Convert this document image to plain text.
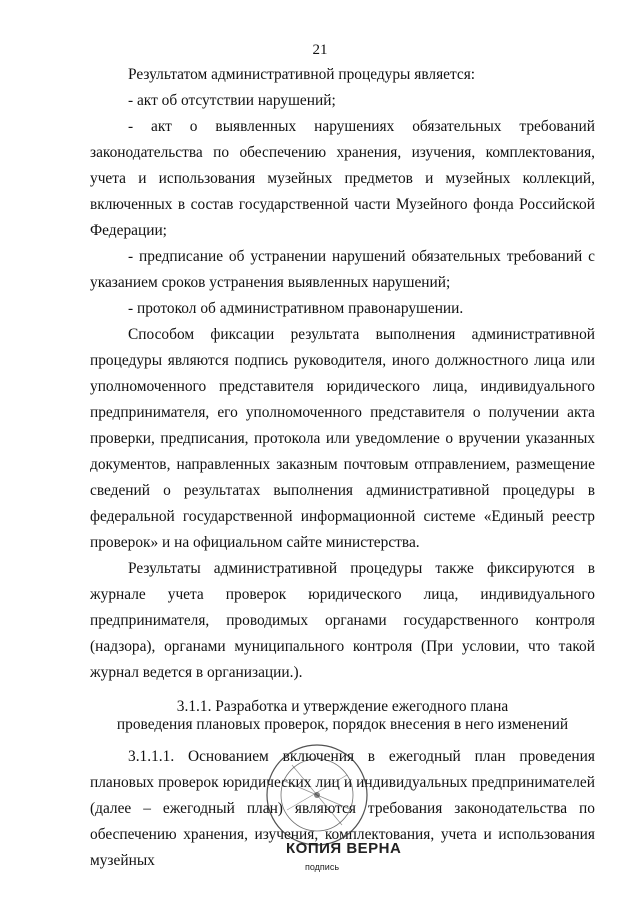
21

Результатом административной процедуры является:

- акт об отсутствии нарушений;

- акт о выявленных нарушениях обязательных требований законодательства по обеспечению хранения, изучения, комплектования, учета и использования музейных предметов и музейных коллекций, включенных в состав государственной части Музейного фонда Российской Федерации;

- предписание об устранении нарушений обязательных требований с указанием сроков устранения выявленных нарушений;

- протокол об административном правонарушении.

Способом фиксации результата выполнения административной процедуры являются подпись руководителя, иного должностного лица или уполномоченного представителя юридического лица, индивидуального предпринимателя, его уполномоченного представителя о получении акта проверки, предписания, протокола или уведомление о вручении указанных документов, направленных заказным почтовым отправлением, размещение сведений о результатах выполнения административной процедуры в федеральной государственной информационной системе «Единый реестр проверок» и на официальном сайте министерства.

Результаты административной процедуры также фиксируются в журнале учета проверок юридического лица, индивидуального предпринимателя, проводимых органами государственного контроля (надзора), органами муниципального контроля (При условии, что такой журнал ведется в организации.).

3.1.1. Разработка и утверждение ежегодного плана
проведения плановых проверок, порядок внесения в него изменений

3.1.1.1. Основанием включения в ежегодный план проведения плановых проверок юридических лиц и индивидуальных предпринимателей (далее – ежегодный план) являются требования законодательства по обеспечению хранения, изучения, комплектования, учета и использования музейных

КОПИЯ ВЕРНА
подпись
